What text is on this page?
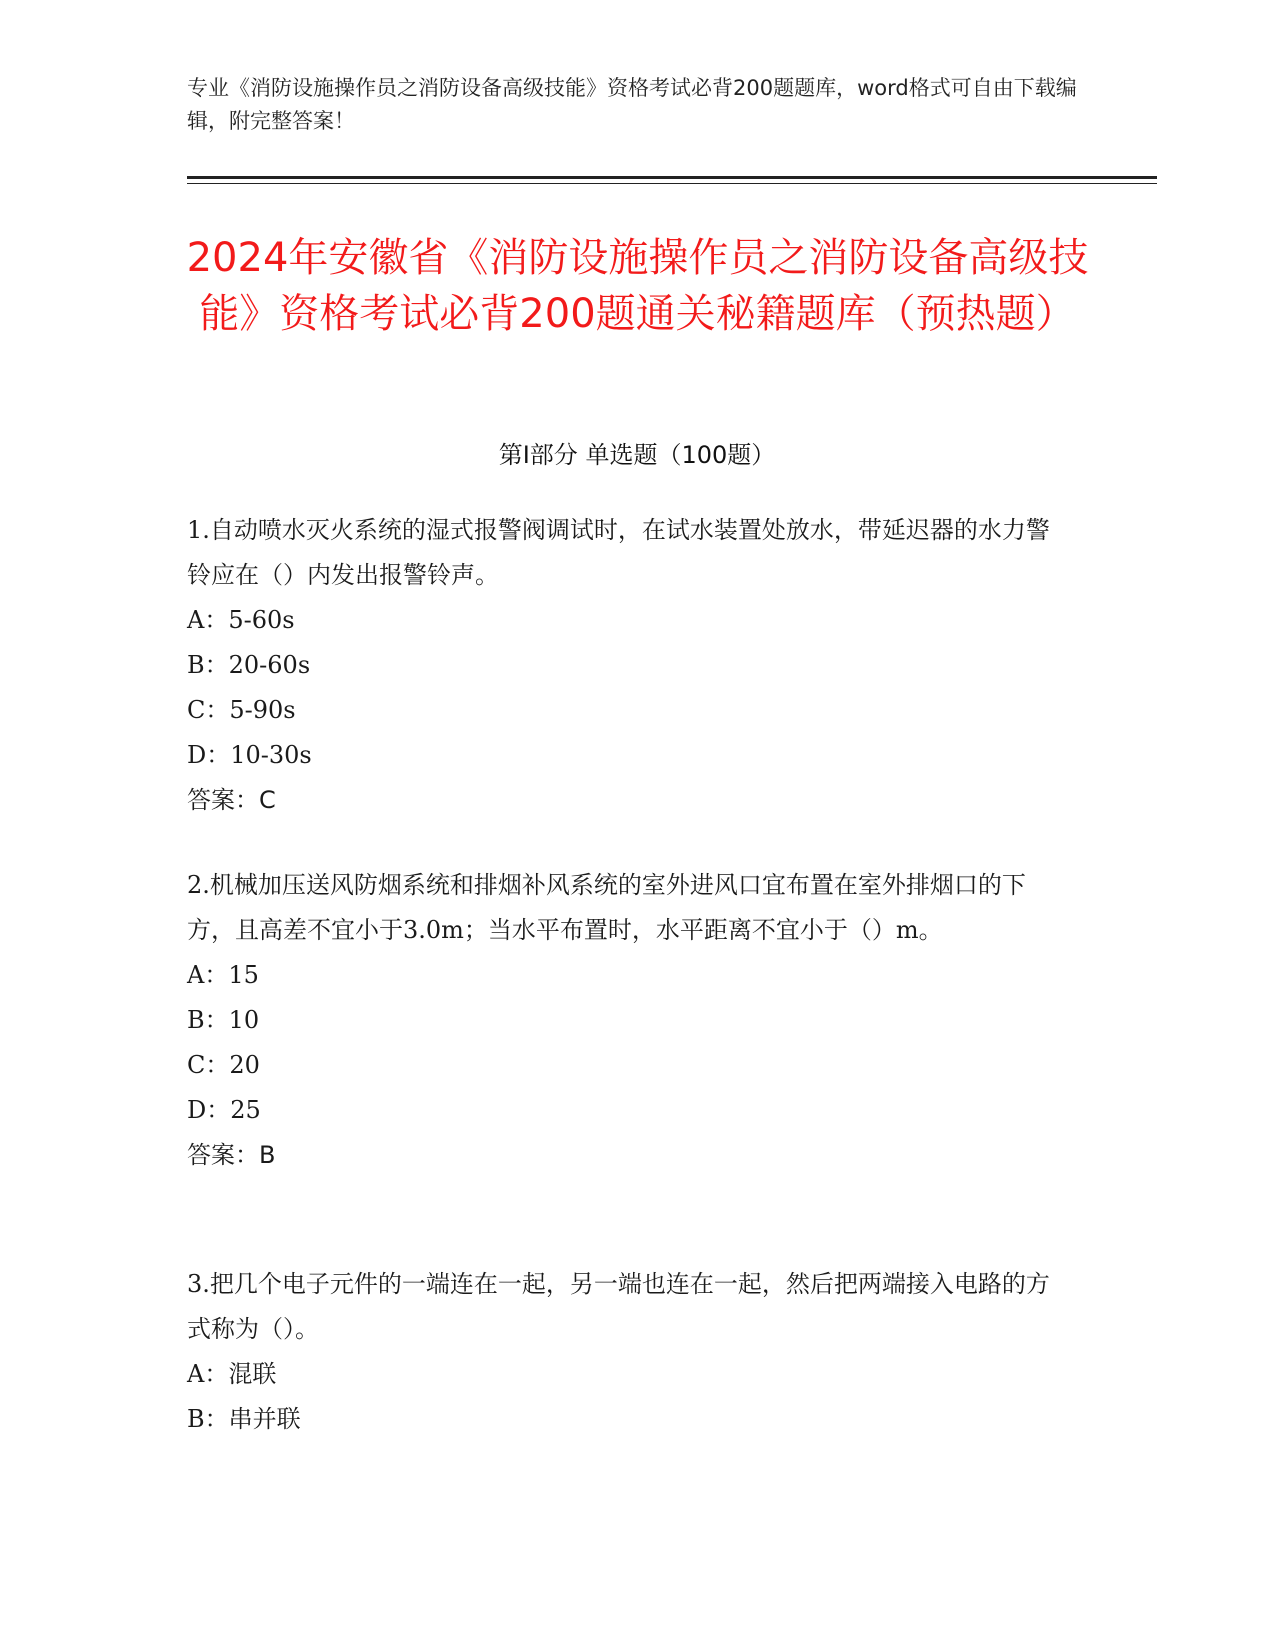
专业《消防设施操作员之消防设备高级技能》资格考试必背200题题库，word格式可自由下载编辑，附完整答案！
2024年安徽省《消防设施操作员之消防设备高级技能》资格考试必背200题通关秘籍题库（预热题）
第Ⅰ部分 单选题（100题）

1.自动喷水灭火系统的湿式报警阀调试时，在试水装置处放水，带延迟器的水力警铃应在（）内发出报警铃声。

A：5-60s

B：20-60s

C：5-90s

D：10-30s

答案：C

2.机械加压送风防烟系统和排烟补风系统的室外进风口宜布置在室外排烟口的下方，且高差不宜小于3.0m；当水平布置时，水平距离不宜小于（）m。

A：15

B：10

C：20

D：25

答案：B

3.把几个电子元件的一端连在一起，另一端也连在一起，然后把两端接入电路的方式称为（）。

A：混联

B：串并联
